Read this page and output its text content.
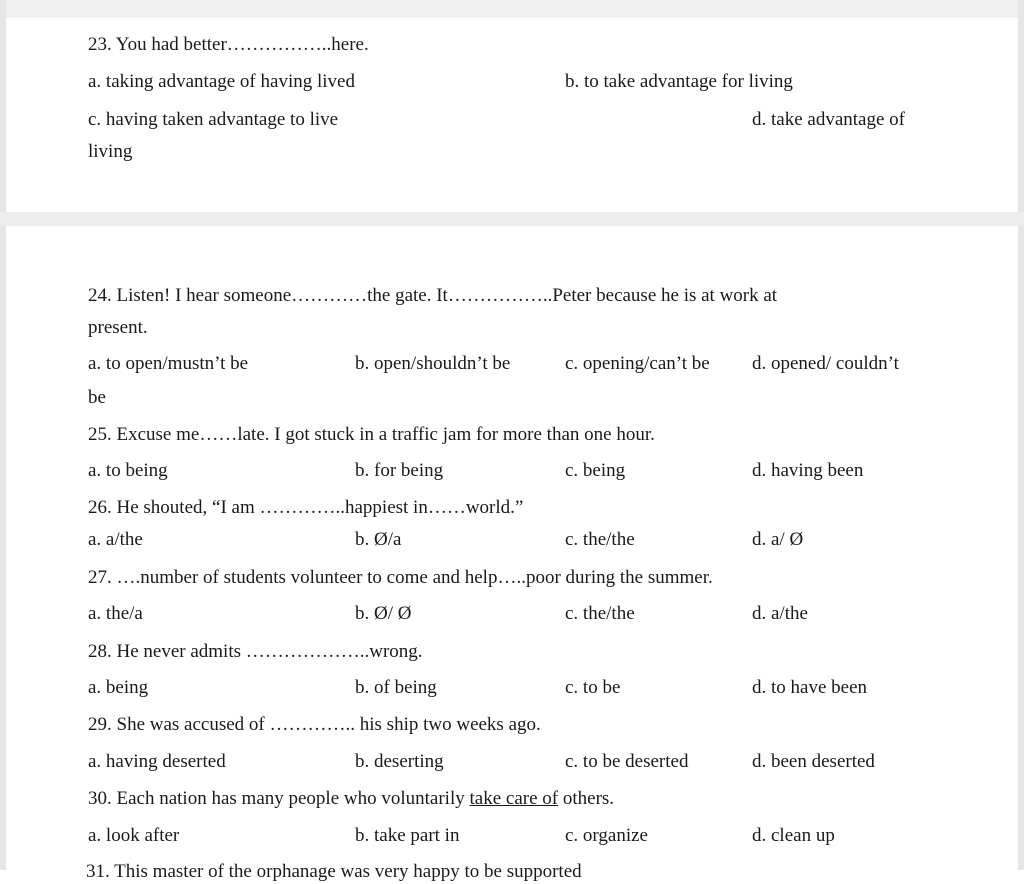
23. You had better……………..here.
a. taking advantage of having lived	b. to take advantage for living
c. having taken advantage to live	d. take advantage of
living
24. Listen! I hear someone…………the gate. It……………..Peter because he is at work at
present.
a. to open/mustn’t be	b. open/shouldn’t be	c. opening/can’t be d. opened/ couldn’t
be
25. Excuse me……late. I got stuck in a traffic jam for more than one hour.
a. to being	b. for being	c. being	d. having been
26. He shouted, “I am …………..happiest in……world.”
a. a/the	b. Ø/a	c. the/the	d. a/ Ø
27. ….number of students volunteer to come and help…..poor during the summer.
a. the/a	b. Ø/ Ø	c. the/the	d. a/the
28. He never admits ………………..wrong.
a. being	b. of being	c. to be	d. to have been
29. She was accused of ………….. his ship two weeks ago.
a. having deserted	b. deserting	c. to be deserted	d. been deserted
30. Each nation has many people who voluntarily take care of others.
a. look after	b. take part in	c. organize	d. clean up
31. This master of the orphanage was very happy to be supported
